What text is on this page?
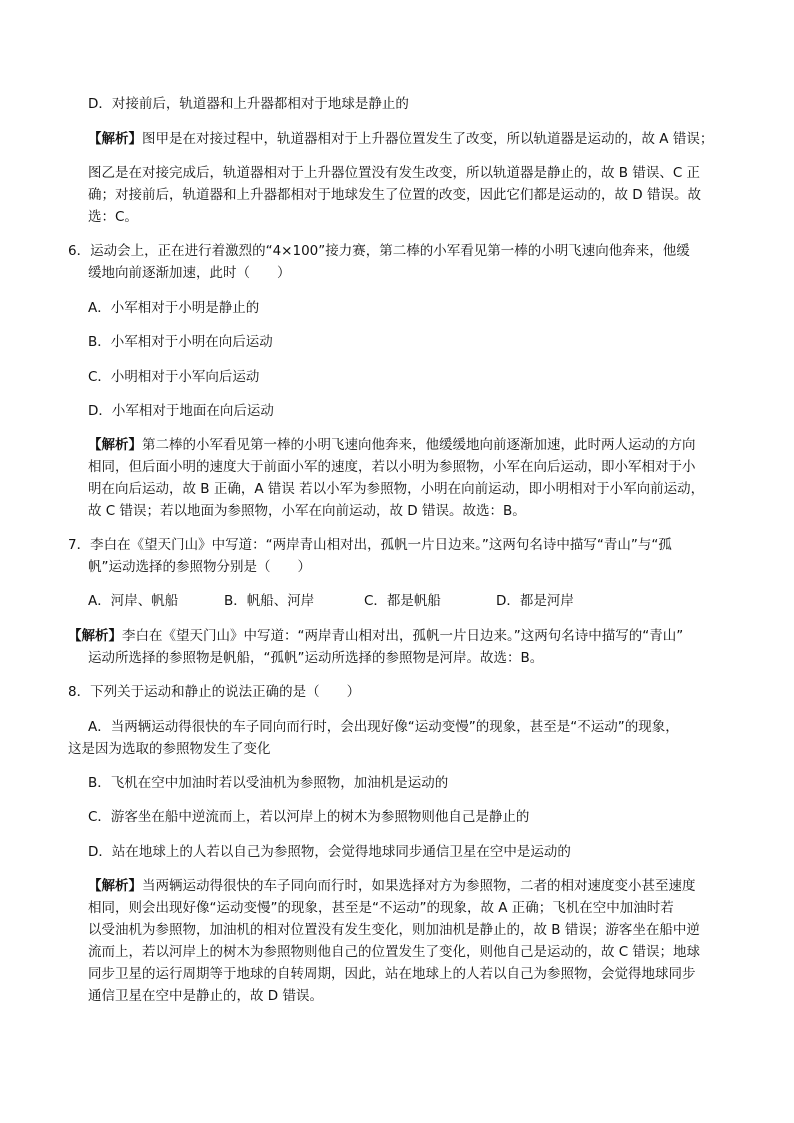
D．对接前后，轨道器和上升器都相对于地球是静止的
【解析】图甲是在对接过程中，轨道器相对于上升器位置发生了改变，所以轨道器是运动的，故 A 错误；
图乙是在对接完成后，轨道器相对于上升器位置没有发生改变，所以轨道器是静止的，故 B 错误、C 正
确；对接前后，轨道器和上升器都相对于地球发生了位置的改变，因此它们都是运动的，故 D 错误。故
选：C。
6．运动会上，正在进行着激烈的“4×100”接力赛，第二棒的小军看见第一棒的小明飞速向他奔来，他缓
缓地向前逐渐加速，此时（　　）
A．小军相对于小明是静止的
B．小军相对于小明在向后运动
C．小明相对于小军向后运动
D．小军相对于地面在向后运动
【解析】第二棒的小军看见第一棒的小明飞速向他奔来，他缓缓地向前逐渐加速，此时两人运动的方向
相同，但后面小明的速度大于前面小军的速度，若以小明为参照物，小军在向后运动，即小军相对于小
明在向后运动，故 B 正确，A 错误 若以小军为参照物，小明在向前运动，即小明相对于小军向前运动，
故 C 错误；若以地面为参照物，小军在向前运动，故 D 错误。故选：B。
7．李白在《望天门山》中写道：“两岸青山相对出，孤帆一片日边来。”这两句名诗中描写“青山”与“孤
帆”运动选择的参照物分别是（　　）
A．河岸、帆船	B．帆船、河岸	C．都是帆船	D．都是河岸
【解析】李白在《望天门山》中写道：“两岸青山相对出，孤帆一片日边来。”这两句名诗中描写的“青山”
运动所选择的参照物是帆船，“孤帆”运动所选择的参照物是河岸。故选：B。
8．下列关于运动和静止的说法正确的是（　　）
A．当两辆运动得很快的车子同向而行时，会出现好像“运动变慢”的现象，甚至是“不运动”的现象，
这是因为选取的参照物发生了变化
B．飞机在空中加油时若以受油机为参照物，加油机是运动的
C．游客坐在船中逆流而上，若以河岸上的树木为参照物则他自己是静止的
D．站在地球上的人若以自己为参照物，会觉得地球同步通信卫星在空中是运动的
【解析】当两辆运动得很快的车子同向而行时，如果选择对方为参照物，二者的相对速度变小甚至速度
相同，则会出现好像“运动变慢”的现象，甚至是“不运动”的现象，故 A 正确；飞机在空中加油时若
以受油机为参照物，加油机的相对位置没有发生变化，则加油机是静止的，故 B 错误；游客坐在船中逆
流而上，若以河岸上的树木为参照物则他自己的位置发生了变化，则他自己是运动的，故 C 错误；地球
同步卫星的运行周期等于地球的自转周期，因此，站在地球上的人若以自己为参照物，会觉得地球同步
通信卫星在空中是静止的，故 D 错误。
